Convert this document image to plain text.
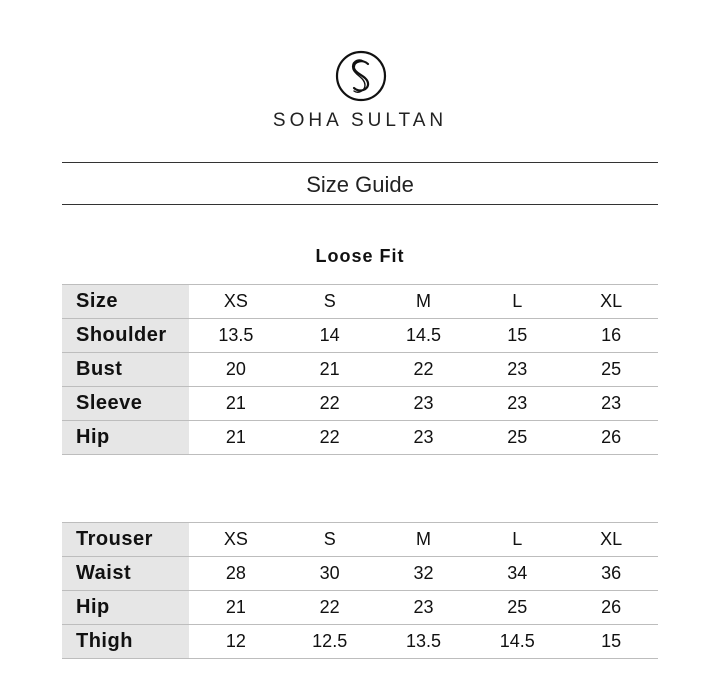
SOHA SULTAN
Size Guide
Loose Fit
Size	XS	S	M	L	XL
Shoulder	13.5	14	14.5	15	16
Bust	20	21	22	23	25
Sleeve	21	22	23	23	23
Hip	21	22	23	25	26
Trouser	XS	S	M	L	XL
Waist	28	30	32	34	36
Hip	21	22	23	25	26
Thigh	12	12.5	13.5	14.5	15
